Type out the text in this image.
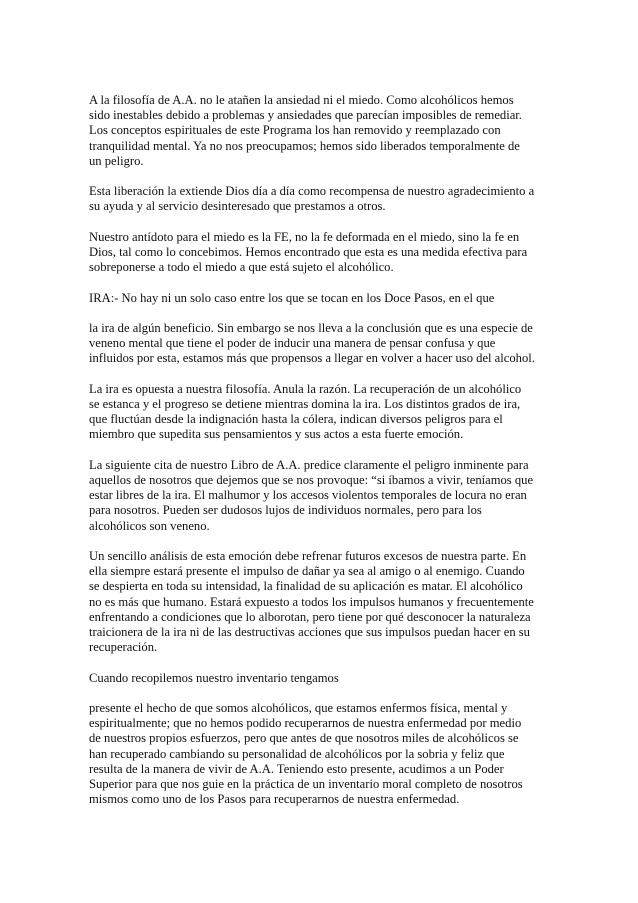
A la filosofía de A.A. no le atañen la ansiedad ni el miedo. Como alcohólicos hemos
sido inestables debido a problemas y ansiedades que parecían imposibles de remediar.
Los conceptos espirituales de este Programa los han removido y reemplazado con
tranquilidad mental. Ya no nos preocupamos; hemos sido liberados temporalmente de
un peligro.
Esta liberación la extiende Dios día a día como recompensa de nuestro agradecimiento a
su ayuda y al servicio desinteresado que prestamos a otros.
Nuestro antídoto para el miedo es la FE, no la fe deformada en el miedo, sino la fe en
Dios, tal como lo concebimos. Hemos encontrado que esta es una medida efectiva para
sobreponerse a todo el miedo a que está sujeto el alcohólico.
IRA:- No hay ni un solo caso entre los que se tocan en los Doce Pasos, en el que
la ira de algún beneficio. Sin embargo se nos lleva a la conclusión que es una especie de
veneno mental que tiene el poder de inducir una manera de pensar confusa y que
influidos por esta, estamos más que propensos a llegar en volver a hacer uso del alcohol.
La ira es opuesta a nuestra filosofía. Anula la razón. La recuperación de un alcohólico
se estanca y el progreso se detiene mientras domina la ira. Los distintos grados de ira,
que fluctúan desde la indignación hasta la cólera, indican diversos peligros para el
miembro que supedita sus pensamientos y sus actos a esta fuerte emoción.
La siguiente cita de nuestro Libro de A.A. predice claramente el peligro inminente para
aquellos de nosotros que dejemos que se nos provoque: “si íbamos a vivir, teníamos que
estar libres de la ira. El malhumor y los accesos violentos temporales de locura no eran
para nosotros. Pueden ser dudosos lujos de individuos normales, pero para los
alcohólicos son veneno.
Un sencillo análisis de esta emoción debe refrenar futuros excesos de nuestra parte. En
ella siempre estará presente el impulso de dañar ya sea al amigo o al enemigo. Cuando
se despierta en toda su intensidad, la finalidad de su aplicación es matar. El alcohólico
no es más que humano. Estará expuesto a todos los impulsos humanos y frecuentemente
enfrentando a condiciones que lo alborotan, pero tiene por qué desconocer la naturaleza
traicionera de la ira ni de las destructivas acciones que sus impulsos puedan hacer en su
recuperación.
Cuando recopilemos nuestro inventario tengamos
presente el hecho de que somos alcohólicos, que estamos enfermos física, mental y
espiritualmente; que no hemos podido recuperarnos de nuestra enfermedad por medio
de nuestros propios esfuerzos, pero que antes de que nosotros miles de alcohólicos se
han recuperado cambiando su personalidad de alcohólicos por la sobria y feliz que
resulta de la manera de vivir de A.A. Teniendo esto presente, acudimos a un Poder
Superior para que nos guie en la práctica de un inventario moral completo de nosotros
mismos como uno de los Pasos para recuperarnos de nuestra enfermedad.
